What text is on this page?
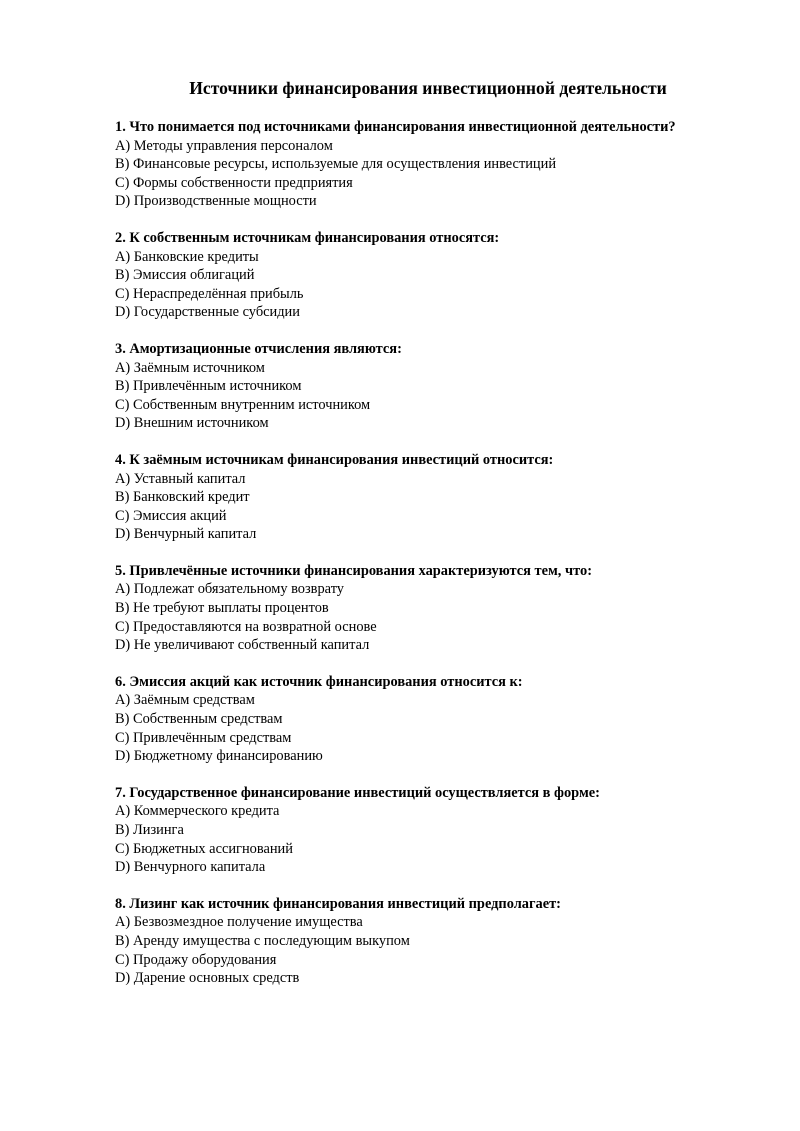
Источники финансирования инвестиционной деятельности

1. Что понимается под источниками финансирования инвестиционной деятельности?

A) Методы управления персоналом

B) Финансовые ресурсы, используемые для осуществления инвестиций

C) Формы собственности предприятия

D) Производственные мощности

2. К собственным источникам финансирования относятся:

A) Банковские кредиты

B) Эмиссия облигаций

C) Нераспределённая прибыль

D) Государственные субсидии

3. Амортизационные отчисления являются:

A) Заёмным источником

B) Привлечённым источником

C) Собственным внутренним источником

D) Внешним источником

4. К заёмным источникам финансирования инвестиций относится:

A) Уставный капитал

B) Банковский кредит

C) Эмиссия акций

D) Венчурный капитал

5. Привлечённые источники финансирования характеризуются тем, что:

A) Подлежат обязательному возврату

B) Не требуют выплаты процентов

C) Предоставляются на возвратной основе

D) Не увеличивают собственный капитал

6. Эмиссия акций как источник финансирования относится к:

A) Заёмным средствам

B) Собственным средствам

C) Привлечённым средствам

D) Бюджетному финансированию

7. Государственное финансирование инвестиций осуществляется в форме:

A) Коммерческого кредита

B) Лизинга

C) Бюджетных ассигнований

D) Венчурного капитала

8. Лизинг как источник финансирования инвестиций предполагает:

A) Безвозмездное получение имущества

B) Аренду имущества с последующим выкупом

C) Продажу оборудования

D) Дарение основных средств
